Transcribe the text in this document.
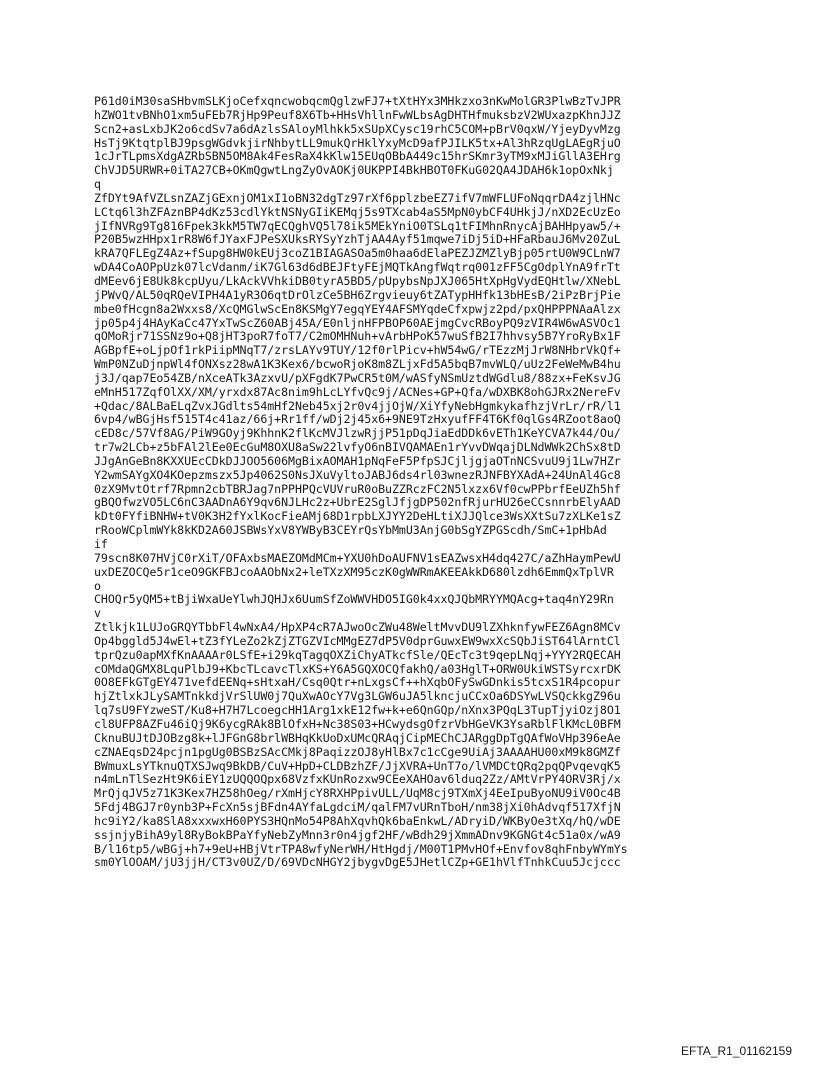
P61d0iM30saSHbvmSLKjoCefxqncwobqcmQglzwFJ7+tXtHYx3MHkzxo3nKwMolGR3PlwBzTvJPR
hZWO1tvBNhO1xm5uFEb7RjHp9Peuf8X6Tb+HHsVhllnFwWLbsAgDHTHfmuksbzV2WUxazpKhnJJZ
Scn2+asLxbJK2o6cdSv7a6dAzlsSAloyMlhkk5xSUpXCysc19rhC5COM+pBrV0qxW/YjeyDyvMzg
HsTj9KtqtplBJ9psgWGdvkjirNhbytLL9mukQrHklYxyMcD9afPJILK5tx+Al3hRzqUgLAEgRjuO
1cJrTLpmsXdgAZRbSBN5OM8Ak4FesRaX4kKlw15EUqOBbA449c15hrSKmr3yTM9xMJiGllA3EHrg
ChVJD5URWR+0iTA27CB+OKmQgwtLngZyOvAOKj0UKPPI4BkHBOT0FKuG02QA4JDAH6k1opOxNkj
q
ZfDYt9AfVZLsnZAZjGExnjOM1xI1oBN32dgTz97rXf6pplzbeEZ7ifV7mWFLUFoNqqrDA4zjlHNc
LCtq6l3hZFAznBP4dKz53cdlYktNSNyGIiKEMqj5s9TXcab4aS5MpN0ybCF4UHkjJ/nXD2EcUzEo
jIfNVRg9Tg816Fpek3kkM5TW7qECQghVQ5l78ik5MEkYniO0TSLq1tFIMhnRnycAjBAHHpyaw5/+
P20B5wzHHpx1rR8W6fJYaxFJPeSXUksRYSyYzhTjAA4Ayf51mqwe7iDj5iD+HFaRbauJ6Mv20ZuL
kRA7QFLEgZ4Az+fSupg8HW0kEUj3coZ1BIAGASOa5m0haa6dElaPEZJZMZlyBjp05rtU0W9CLnW7
wDA4CoAOPpUzk07lcVdanm/iK7Gl63d6dBEJFtyFEjMQTkAngfWqtrq001zFF5CgOdplYnA9frTt
dMEev6jE8Uk8kcpUyu/LkAckVVhkiDB0tyrA5BD5/pUpybsNpJXJ065HtXpHgVydEQHtlw/XNebL
jPWvQ/AL50qRQeVIPH4A1yR3O6qtDrOlzCe5BH6Zrgvieuy6tZATypHHfk13bHEsB/2iPzBrjPie
mbe0fHcgn8a2Wxxs8/XcQMGlwScEn8KSMgY7egqYEY4AFSMYqdeCfxpwjz2pd/pxQHPPPNAaAlzx
jp05p4j4HAyKaCc47YxTwScZ60ABj45A/E0nljnHFPBOP60AEjmgCvcRBoyPQ9zVIR4W6wASVOc1
qOMoRjr71SSNz9o+Q8jHT3poR7foT7/C2mOMHNuh+vArbHPoK57wuSfB2I7hhvsy5B7YroRyBx1F
AGBpfE+oLjpOf1rkPiipMNqT7/zrsLAYv9TUY/12f0rlPicv+hW54wG/rTEzzMjJrW8NHbrVkQf+
WmP0NZuDjnpWl4fONXsz28wA1K3Kex6/bcwoRjoK8m8ZLjxFd5A5bqB7mvWLQ/uUz2FeWeMwB4hu
j3J/qap7Eo54ZB/nXceATk3AzxvU/pXFgdK7PwCR5t0M/wASfyNSmUztdWGdlu8/88zx+FeKsvJG
eMnH517ZqfOlXX/XM/yrxdx87Ac8nim9hLcLYfvQc9j/ACNes+GP+Qfa/wDXBK8ohGJRx2NereFv
+Qdac/8ALBaELqZvxJGdlts54mHf2Neb45xj2r0v4jjOjW/XiYfyNebHgmkykafhzjVrLr/rR/l1
6vp4/wBGjHsf515T4c41az/66j+Rr1ff/wDj2j45x6+9NE9TzHxyufFF4T6Kf0qlGs4RZoot8aoQ
cED8c/57Vf8AG/PiW9GOyj9KhhnK2flKcMVJlzwRjjP51pDqJiaEdDDk6vETh1KeYCVA7k44/Ou/
tr7w2LCb+z5bFAl2lEe0EcGuM8OXU8aSw22lvfyO6nBIVQAMAEn1rYvvDWqajDLNdWWk2ChSx8tD
JJgAnGeBn8KXXUEcCDkDJJOO5606MgBixAOMAH1pNqFeF5PfpSJCjljgjaOTnNCSvuU9j1Lw7HZr
Y2wmSAYgXO4KOepzmszx5Jp4062S0NsJXuVyltoJABJ6ds4rl03wnezRJNFBYXAdA+24UnAl4Gc8
0zX9MvtOtrf7Rpmn2cbTBRJag7nPPHPQcVUVruR0oBuZZRczFC2N5lxzx6Vf0cwPPbrfEeUZh5hf
gBQOfwzVO5LC6nC3AADnA6Y9qv6NJLHc2z+UbrE2SglJfjgDP502nfRjurHU26eCCsnnrbElyAAD
kDt0FYfiBNHW+tV0K3H2fYxlKocFieAMj68D1rpbLXJYY2DeHLtiXJJQlce3WsXXtSu7zXLKe1sZ
rRooWCplmWYk8kKD2A60JSBWsYxV8YWByB3CEYrQsYbMmU3AnjG0bSgYZPGScdh/SmC+1pHbAd
if
79scn8K07HVjC0rXiT/OFAxbsMAEZOMdMCm+YXU0hDoAUFNV1sEAZwsxH4dq427C/aZhHaymPewU
uxDEZOCQe5r1ceO9GKFBJcoAAObNx2+leTXzXM95czK0gWWRmAKEEAkkD680lzdh6EmmQxTplVR
o
CHOQr5yQM5+tBjiWxaUeYlwhJQHJx6UumSfZoWWVHDO5IG0k4xxQJQbMRYYMQAcg+taq4nY29Rn
v
Ztlkjk1LUJoGRQYTbbFl4wNxA4/HpXP4cR7AJwoOcZWu48WeltMvvDU9lZXhknfywFEZ6Agn8MCv
Op4bggld5J4wEl+tZ3fYLeZo2kZjZTGZVIcMMgEZ7dP5V0dprGuwxEW9wxXcSQbJiST64lArntCl
tprQzu0apMXfKnAAAAr0LSfE+i29kqTagqOXZiChyATkcfSle/QEcTc3t9qepLNqj+YYY2RQECAH
cOMdaQGMX8LquPlbJ9+KbcTLcavcTlxKS+Y6A5GQXOCQfakhQ/a03HglT+ORW0UkiWSTSyrcxrDK
0O8EFkGTgEY471vefdEENq+sHtxaH/Csq0Qtr+nLxgsCf++hXqbOFySwGDnkis5tcxS1R4pcopur
hjZtlxkJLySAMTnkkdjVrSlUW0j7QuXwAOcY7Vg3LGW6uJA5lkncjuCCxOa6DSYwLVSQckkgZ96u
lq7sU9FYzweST/Ku8+H7H7LcoegcHH1Arg1xkE12fw+k+e6QnGQp/nXnx3PQqL3TupTjyiOzj8O1
cl8UFP8AZFu46iQj9K6ycgRAk8BlOfxH+Nc38S03+HCwydsgOfzrVbHGeVK3YsaRblFlKMcL0BFM
CknuBUJtDJOBzg8k+lJFGnG8brlWBHqKkUoDxUMcQRAqjCipMEChCJARggDpTgQAfWoVHp396eAe
cZNAEqsD24pcjn1pgUg0BSBzSAcCMkj8PaqizzOJ8yHlBx7c1cCge9UiAj3AAAAHU00xM9k8GMZf
BWmuxLsYTknuQTXSJwq9BkDB/CuV+HpD+CLDBzhZF/JjXVRA+UnT7o/lVMDCtQRq2pqQPvqevqK5
n4mLnTlSezHt9K6iEY1zUQQOQpx68VzfxKUnRozxw9CEeXAHOav6lduq2Zz/AMtVrPY4ORV3Rj/x
MrQjqJV5z71K3Kex7HZ58hOeg/rXmHjcY8RXHPpivULL/UqM8cj9TXmXj4EeIpuByoNU9iV0Oc4B
5Fdj4BGJ7r0ynb3P+FcXn5sjBFdn4AYfaLgdciM/qalFM7vURnTboH/nm38jXi0hAdvqf517XfjN
hc9iY2/ka8SlA8xxxwxH60PYS3HQnMo54P8AhXqvhQk6baEnkwL/ADryiD/WKByOe3tXq/hQ/wDE
ssjnjyBihA9yl8RyBokBPaYfyNebZyMnn3r0n4jgf2HF/wBdh29jXmmADnv9KGNGt4c51a0x/wA9
B/l16tp5/wBGj+h7+9eU+HBjVtrTPA8wfyNerWH/HtHgdj/M00T1PMvHOf+Envfov8qhFnbyWYmYs
sm0YlOOAM/jU3jjH/CT3v0UZ/D/69VDcNHGY2jbygvDgE5JHetlCZp+GE1hVlfTnhkCuu5Jcjccc
EFTA_R1_01162159
